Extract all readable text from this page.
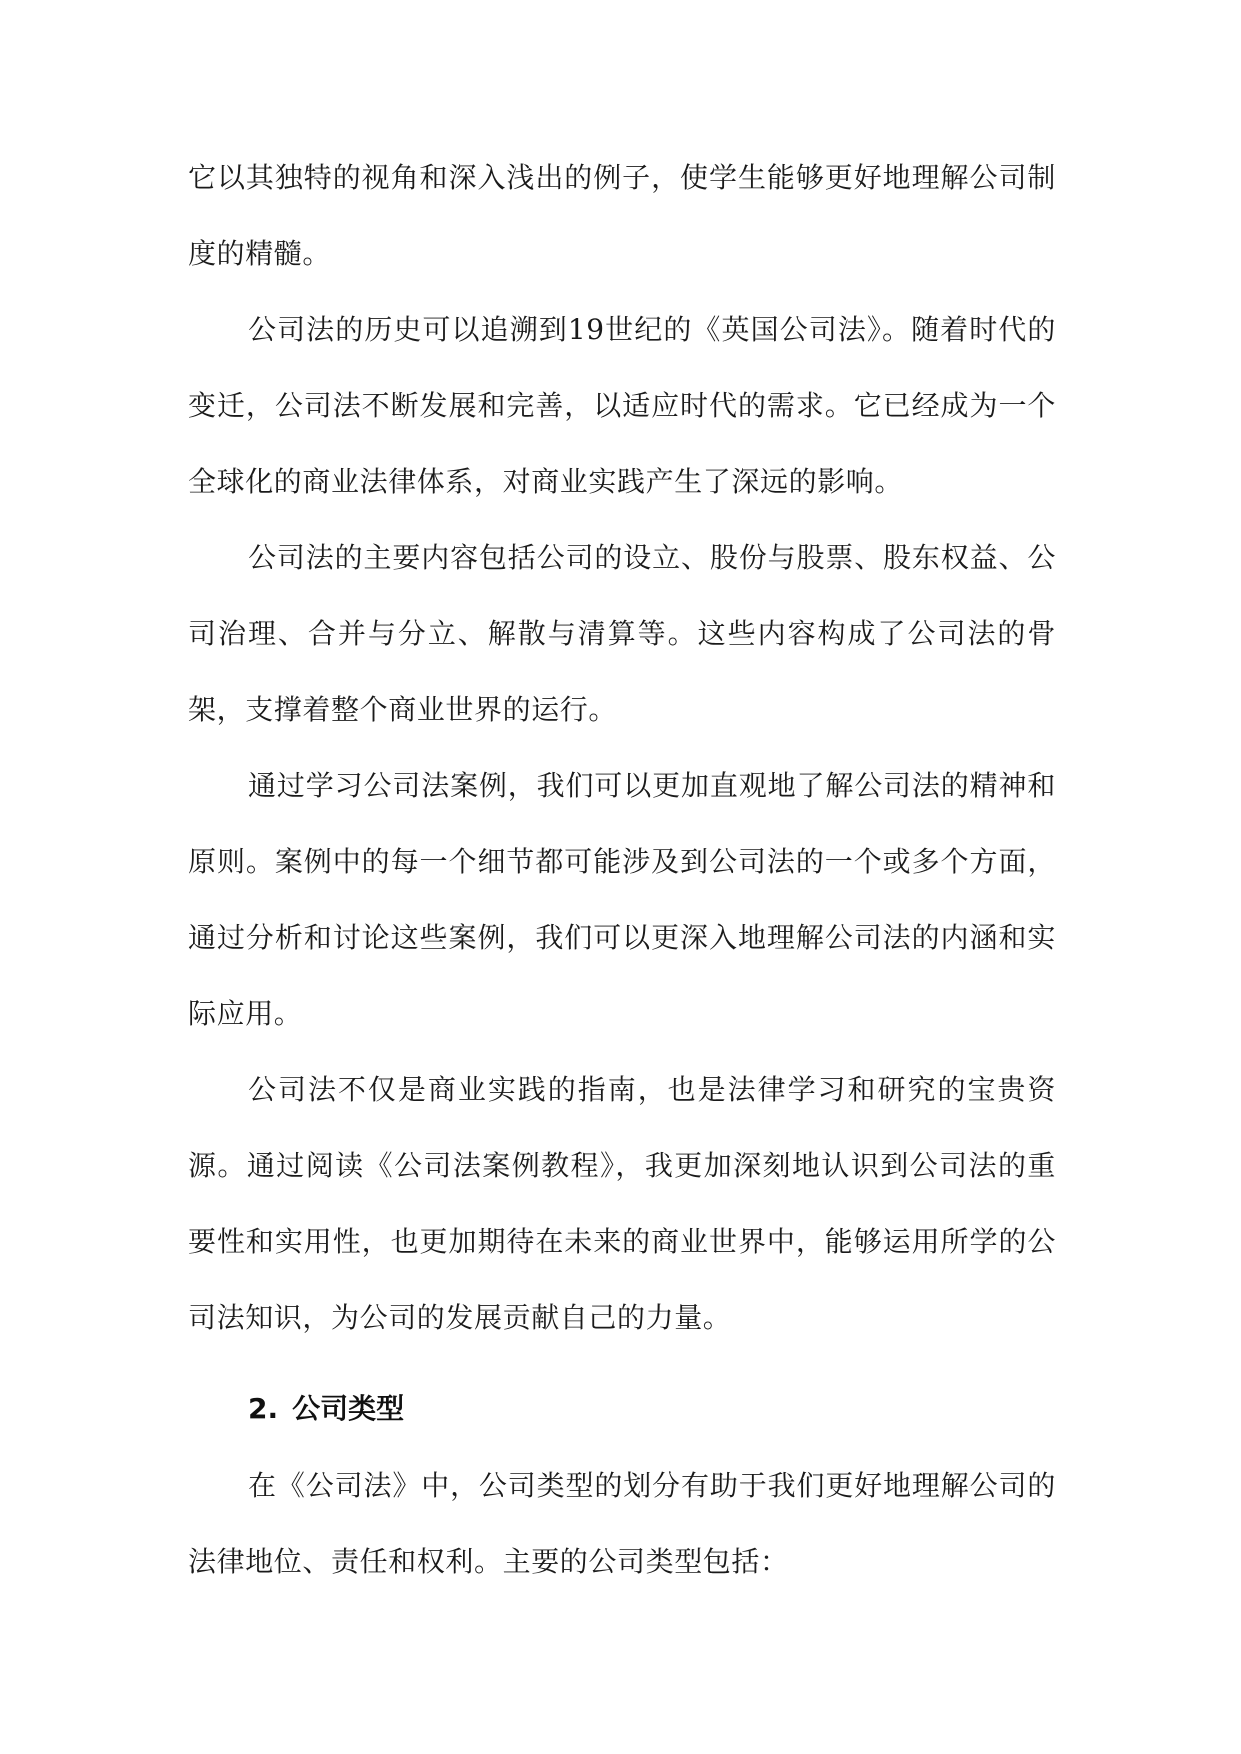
它以其独特的视角和深入浅出的例子，使学生能够更好地理解公司制度的精髓。

公司法的历史可以追溯到19世纪的《英国公司法》。随着时代的变迁，公司法不断发展和完善，以适应时代的需求。它已经成为一个全球化的商业法律体系，对商业实践产生了深远的影响。

公司法的主要内容包括公司的设立、股份与股票、股东权益、公司治理、合并与分立、解散与清算等。这些内容构成了公司法的骨架，支撑着整个商业世界的运行。

通过学习公司法案例，我们可以更加直观地了解公司法的精神和原则。案例中的每一个细节都可能涉及到公司法的一个或多个方面，通过分析和讨论这些案例，我们可以更深入地理解公司法的内涵和实际应用。

公司法不仅是商业实践的指南，也是法律学习和研究的宝贵资源。通过阅读《公司法案例教程》，我更加深刻地认识到公司法的重要性和实用性，也更加期待在未来的商业世界中，能够运用所学的公司法知识，为公司的发展贡献自己的力量。

2. 公司类型

在《公司法》中，公司类型的划分有助于我们更好地理解公司的法律地位、责任和权利。主要的公司类型包括：
